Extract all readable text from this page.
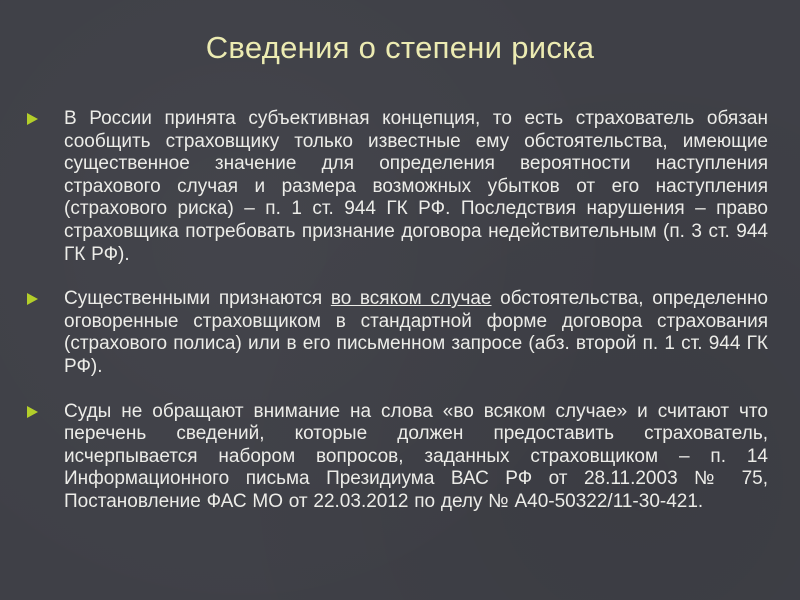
Сведения о степени риска

В России принята субъективная концепция, то есть страхователь обязан сообщить страховщику только известные ему обстоятельства, имеющие существенное значение для определения вероятности наступления страхового случая и размера возможных убытков от его наступления (страхового риска) – п. 1 ст. 944 ГК РФ. Последствия нарушения – право страховщика потребовать признание договора недействительным (п. 3 ст. 944 ГК РФ).

Существенными признаются во всяком случае обстоятельства, определенно оговоренные страховщиком в стандартной форме договора страхования (страхового полиса) или в его письменном запросе (абз. второй п. 1 ст. 944 ГК РФ).

Суды не обращают внимание на слова «во всяком случае» и считают что перечень сведений, которые должен предоставить страхователь, исчерпывается набором вопросов, заданных страховщиком – п. 14 Информационного письма Президиума ВАС РФ от 28.11.2003 № 75, Постановление ФАС МО от 22.03.2012 по делу № А40-50322/11-30-421.
